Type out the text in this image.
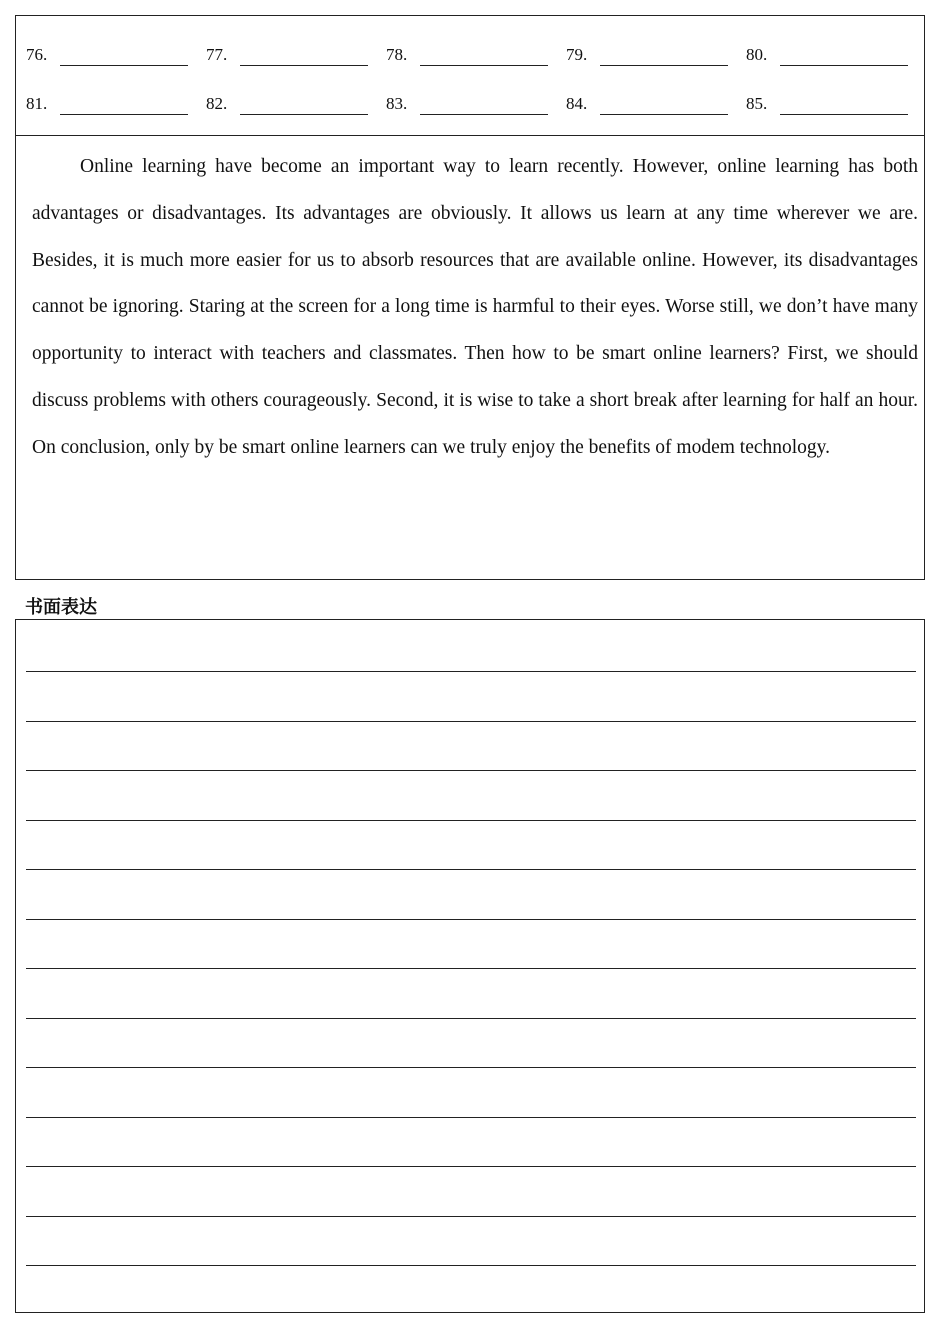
76.	77.	78.	79.	80.
81.	82.	83.	84.	85.

Online learning have become an important way to learn recently. However, online learning has both advantages or disadvantages. Its advantages are obviously. It allows us learn at any time wherever we are. Besides, it is much more easier for us to absorb resources that are available online. However, its disadvantages cannot be ignoring. Staring at the screen for a long time is harmful to their eyes. Worse still, we don’t have many opportunity to interact with teachers and classmates. Then how to be smart online learners? First, we should discuss problems with others courageously. Second, it is wise to take a short break after learning for half an hour. On conclusion, only by be smart online learners can we truly enjoy the benefits of modem technology.

书面表达
